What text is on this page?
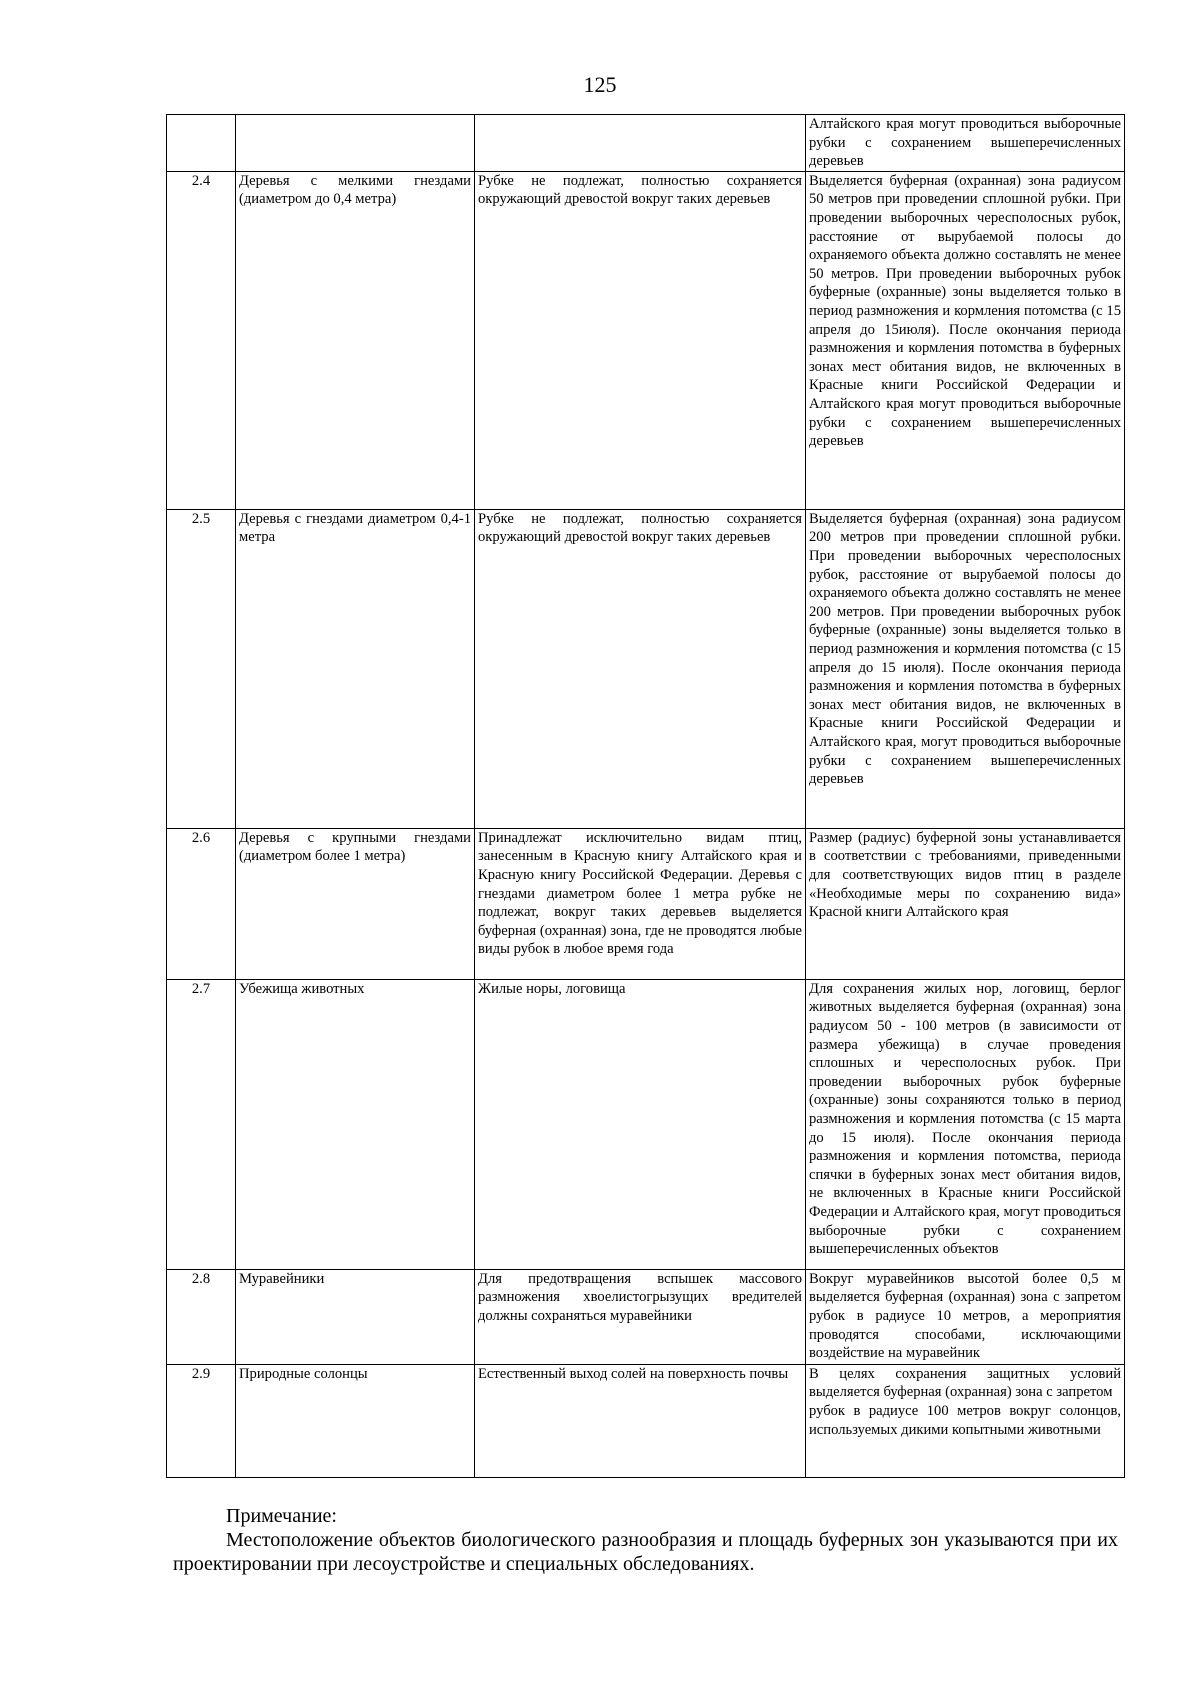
125
			Алтайского края могут проводиться выборочные рубки с сохранением вышеперечисленных деревьев
2.4	Деревья с мелкими гнездами (диаметром до 0,4 метра)	Рубке не подлежат, полностью сохраняется окружающий древостой вокруг таких деревьев	Выделяется буферная (охранная) зона радиусом 50 метров при проведении сплошной рубки. При проведении выборочных чересполосных рубок, расстояние от вырубаемой полосы до охраняемого объекта должно составлять не менее 50 метров. При проведении выборочных рубок буферные (охранные) зоны выделяется только в период размножения и кормления потомства (с 15 апреля до 15июля). После окончания периода размножения и кормления потомства в буферных зонах мест обитания видов, не включенных в Красные книги Российской Федерации и Алтайского края могут проводиться выборочные рубки с сохранением вышеперечисленных деревьев
2.5	Деревья с гнездами диаметром 0,4-1 метра	Рубке не подлежат, полностью сохраняется окружающий древостой вокруг таких деревьев	Выделяется буферная (охранная) зона радиусом 200 метров при проведении сплошной рубки. При проведении выборочных чересполосных рубок, расстояние от вырубаемой полосы до охраняемого объекта должно составлять не менее 200 метров. При проведении выборочных рубок буферные (охранные) зоны выделяется только в период размножения и кормления потомства (с 15 апреля до 15 июля). После окончания периода размножения и кормления потомства в буферных зонах мест обитания видов, не включенных в Красные книги Российской Федерации и Алтайского края, могут проводиться выборочные рубки с сохранением вышеперечисленных деревьев
2.6	Деревья с крупными гнездами (диаметром более 1 метра)	Принадлежат исключительно видам птиц, занесенным в Красную книгу Алтайского края и Красную книгу Российской Федерации. Деревья с гнездами диаметром более 1 метра рубке не подлежат, вокруг таких деревьев выделяется буферная (охранная) зона, где не проводятся любые виды рубок в любое время года	Размер (радиус) буферной зоны устанавливается в соответствии с требованиями, приведенными для соответствующих видов птиц в разделе «Необходимые меры по сохранению вида» Красной книги Алтайского края
2.7	Убежища животных	Жилые норы, логовища	Для сохранения жилых нор, логовищ, берлог животных выделяется буферная (охранная) зона радиусом 50 - 100 метров (в зависимости от размера убежища) в случае проведения сплошных и чересполосных рубок. При проведении выборочных рубок буферные (охранные) зоны сохраняются только в период размножения и кормления потомства (с 15 марта до 15 июля). После окончания периода размножения и кормления потомства, периода спячки в буферных зонах мест обитания видов, не включенных в Красные книги Российской Федерации и Алтайского края, могут проводиться выборочные рубки с сохранением вышеперечисленных объектов
2.8	Муравейники	Для предотвращения вспышек массового размножения хвоелистогрызущих вредителей должны сохраняться муравейники	Вокруг муравейников высотой более 0,5 м выделяется буферная (охранная) зона с запретом рубок в радиусе 10 метров, а мероприятия проводятся способами, исключающими воздействие на муравейник
2.9	Природные солонцы	Естественный выход солей на поверхность почвы	В целях сохранения защитных условий выделяется буферная (охранная) зона с запретом
рубок в радиусе 100 метров вокруг солонцов, используемых дикими копытными животными
Примечание:
Местоположение объектов биологического разнообразия и площадь буферных зон указываются при их проектировании при лесоустройстве и специальных обследованиях.
